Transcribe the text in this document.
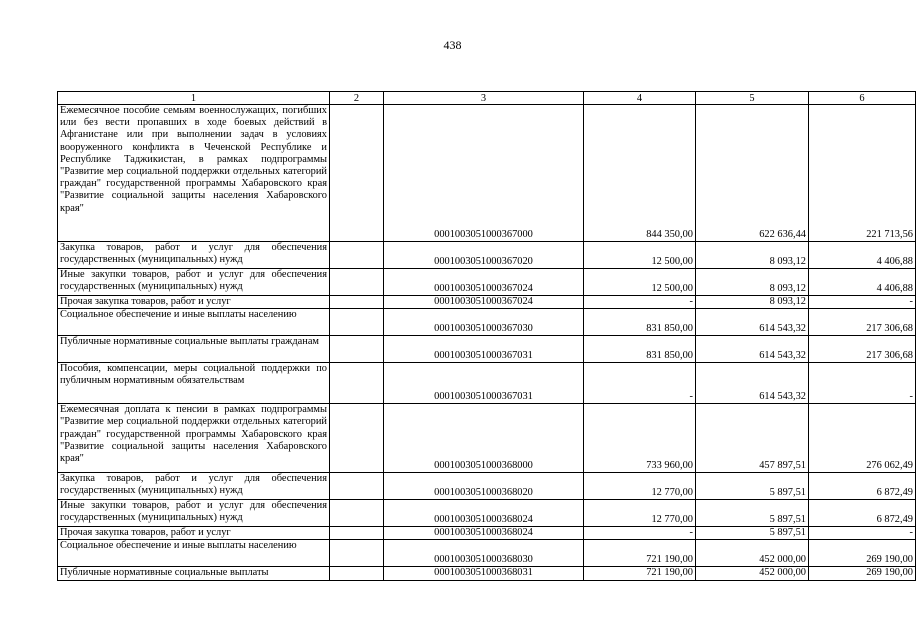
438
1	2	3	4	5	6
Ежемесячное пособие семьям военнослужащих, погибших или без вести пропавших в ходе боевых действий в Афганистане или при выполнении задач в условиях вооруженного конфликта в Чеченской Республике и Республике Таджикистан, в рамках подпрограммы "Развитие мер социальной поддержки отдельных категорий граждан" государственной программы Хабаровского края "Развитие социальной защиты населения Хабаровского края"		0001003051000367000	844 350,00	622 636,44	221 713,56
Закупка товаров, работ и услуг для обеспечения государственных (муниципальных) нужд		0001003051000367020	12 500,00	8 093,12	4 406,88
Иные закупки товаров, работ и услуг для обеспечения государственных (муниципальных) нужд		0001003051000367024	12 500,00	8 093,12	4 406,88
Прочая закупка товаров, работ и услуг		0001003051000367024	-	8 093,12	-
Социальное обеспечение и иные выплаты населению		0001003051000367030	831 850,00	614 543,32	217 306,68
Публичные нормативные социальные выплаты гражданам		0001003051000367031	831 850,00	614 543,32	217 306,68
Пособия, компенсации, меры социальной поддержки по публичным нормативным обязательствам		0001003051000367031	-	614 543,32	-
Ежемесячная доплата к пенсии в рамках подпрограммы "Развитие мер социальной поддержки отдельных категорий граждан" государственной программы Хабаровского края "Развитие социальной защиты населения Хабаровского края"		0001003051000368000	733 960,00	457 897,51	276 062,49
Закупка товаров, работ и услуг для обеспечения государственных (муниципальных) нужд		0001003051000368020	12 770,00	5 897,51	6 872,49
Иные закупки товаров, работ и услуг для обеспечения государственных (муниципальных) нужд		0001003051000368024	12 770,00	5 897,51	6 872,49
Прочая закупка товаров, работ и услуг		0001003051000368024	-	5 897,51	-
Социальное обеспечение и иные выплаты населению		0001003051000368030	721 190,00	452 000,00	269 190,00
Публичные нормативные социальные выплаты		0001003051000368031	721 190,00	452 000,00	269 190,00
